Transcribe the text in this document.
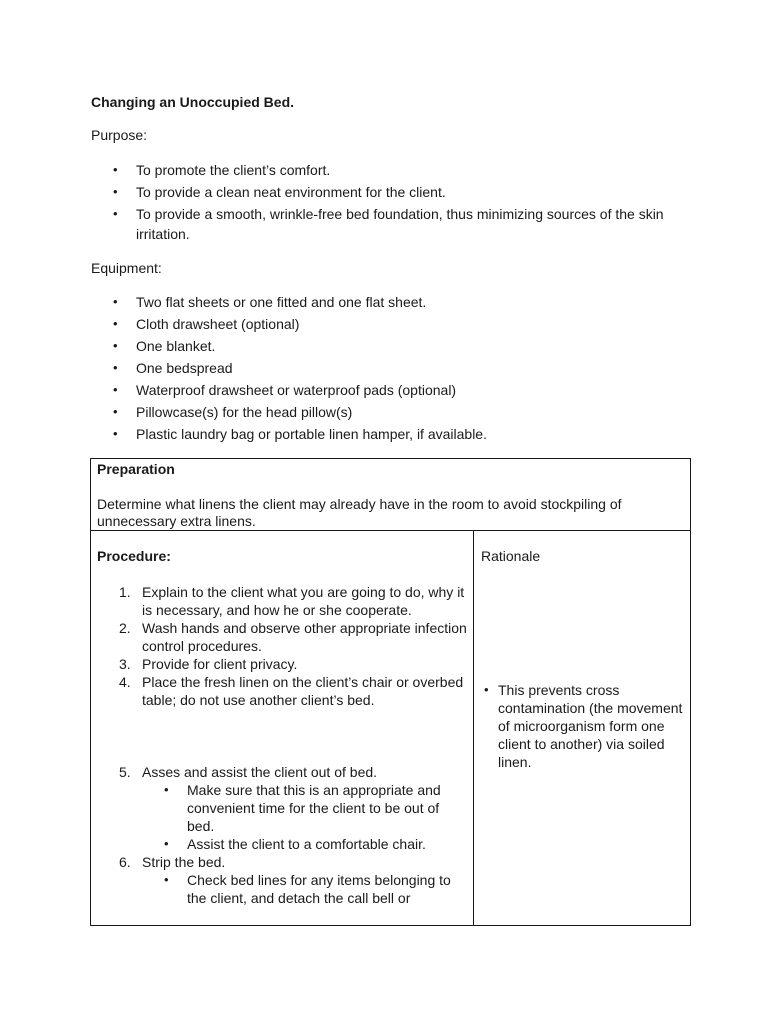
Changing an Unoccupied Bed.
Purpose:
• To promote the client’s comfort.
• To provide a clean neat environment for the client.
• To provide a smooth, wrinkle-free bed foundation, thus minimizing sources of the skin irritation.
Equipment:
• Two flat sheets or one fitted and one flat sheet.
• Cloth drawsheet (optional)
• One blanket.
• One bedspread
• Waterproof drawsheet or waterproof pads (optional)
• Pillowcase(s) for the head pillow(s)
• Plastic laundry bag or portable linen hamper, if available.
Preparation
Determine what linens the client may already have in the room to avoid stockpiling of unnecessary extra linens.
Procedure:
1. Explain to the client what you are going to do, why it is necessary, and how he or she cooperate.
2. Wash hands and observe other appropriate infection control procedures.
3. Provide for client privacy.
4. Place the fresh linen on the client’s chair or overbed table; do not use another client’s bed.
5. Asses and assist the client out of bed.
• Make sure that this is an appropriate and convenient time for the client to be out of bed.
• Assist the client to a comfortable chair.
6. Strip the bed.
• Check bed lines for any items belonging to the client, and detach the call bell or
Rationale
• This prevents cross contamination (the movement of microorganism form one client to another) via soiled linen.
